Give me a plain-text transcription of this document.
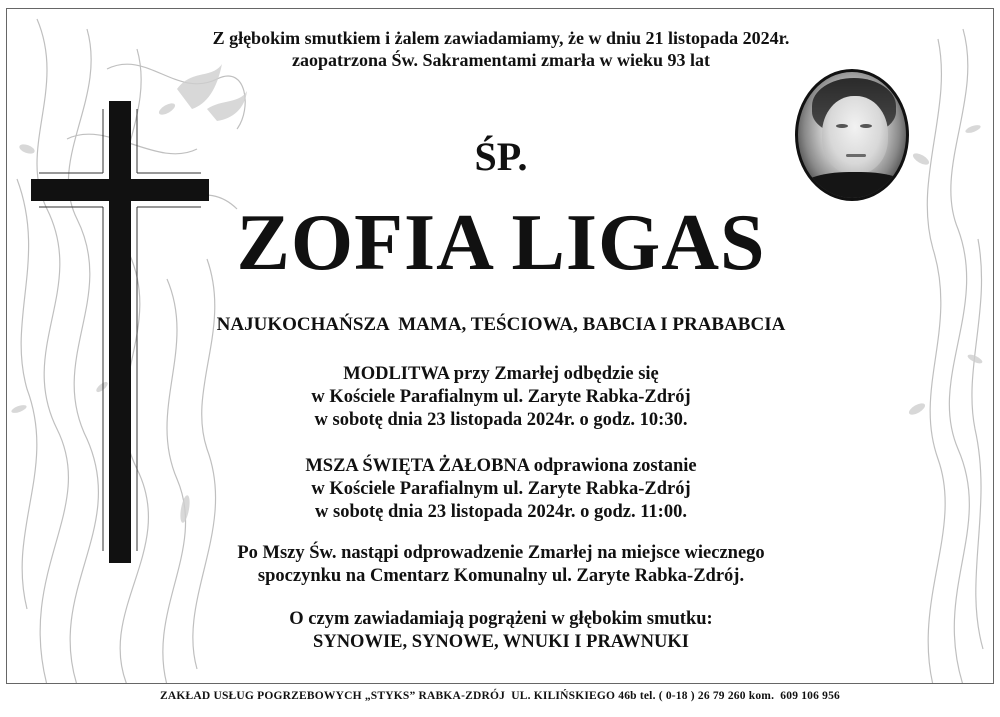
Z głębokim smutkiem i żalem zawiadamiamy, że w dniu 21 listopada 2024r.
zaopatrzona Św. Sakramentami zmarła w wieku 93 lat
ŚP.
ZOFIA LIGAS
NAJUKOCHAŃSZA  MAMA, TEŚCIOWA, BABCIA I PRABABCIA
MODLITWA przy Zmarłej odbędzie się
w Kościele Parafialnym ul. Zaryte Rabka-Zdrój
w sobotę dnia 23 listopada 2024r. o godz. 10:30.
MSZA ŚWIĘTA ŻAŁOBNA odprawiona zostanie
w Kościele Parafialnym ul. Zaryte Rabka-Zdrój
w sobotę dnia 23 listopada 2024r. o godz. 11:00.
Po Mszy Św. nastąpi odprowadzenie Zmarłej na miejsce wiecznego
spoczynku na Cmentarz Komunalny ul. Zaryte Rabka-Zdrój.
O czym zawiadamiają pogrążeni w głębokim smutku:
SYNOWIE, SYNOWE, WNUKI I PRAWNUKI
ZAKŁAD USŁUG POGRZEBOWYCH „STYKS” RABKA-ZDRÓJ  UL. KILIŃSKIEGO 46b tel. ( 0-18 ) 26 79 260 kom.  609 106 956
